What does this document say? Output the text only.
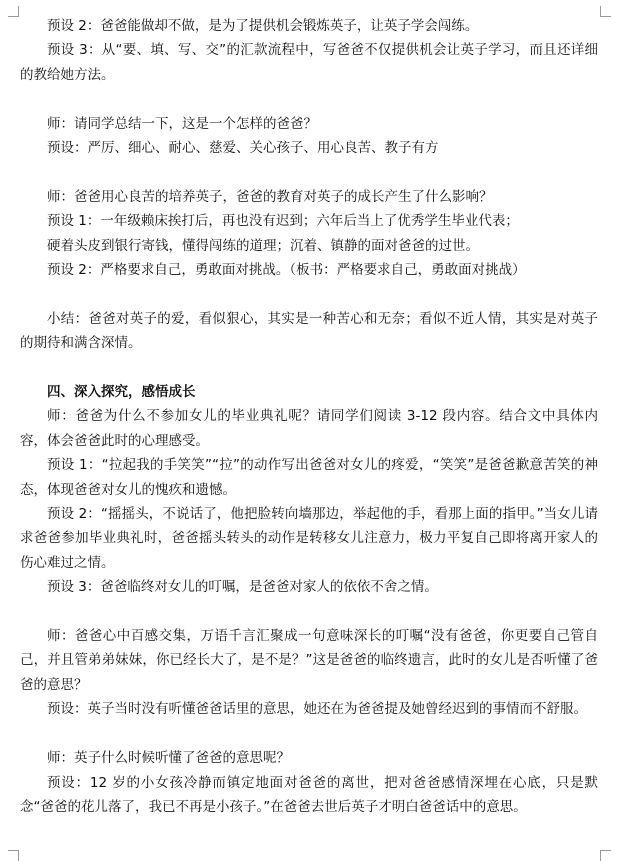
预设 2：爸爸能做却不做，是为了提供机会锻炼英子，让英子学会闯练。

预设 3：从“要、填、写、交”的汇款流程中，写爸爸不仅提供机会让英子学习，而且还详细的教给她方法。

师：请同学总结一下，这是一个怎样的爸爸？

预设：严厉、细心、耐心、慈爱、关心孩子、用心良苦、教子有方

师：爸爸用心良苦的培养英子，爸爸的教育对英子的成长产生了什么影响？

预设 1：一年级赖床挨打后，再也没有迟到；六年后当上了优秀学生毕业代表；

硬着头皮到银行寄钱，懂得闯练的道理；沉着、镇静的面对爸爸的过世。

预设 2：严格要求自己，勇敢面对挑战。（板书：严格要求自己，勇敢面对挑战）

小结：爸爸对英子的爱，看似狠心，其实是一种苦心和无奈；看似不近人情，其实是对英子的期待和满含深情。

四、深入探究，感悟成长

师：爸爸为什么不参加女儿的毕业典礼呢？请同学们阅读 3-12 段内容。结合文中具体内容，体会爸爸此时的心理感受。

预设 1：“拉起我的手笑笑”“拉”的动作写出爸爸对女儿的疼爱，“笑笑”是爸爸歉意苦笑的神态，体现爸爸对女儿的愧疚和遗憾。

预设 2：“摇摇头，不说话了，他把脸转向墙那边，举起他的手，看那上面的指甲。”当女儿请求爸爸参加毕业典礼时，爸爸摇头转头的动作是转移女儿注意力，极力平复自己即将离开家人的伤心难过之情。

预设 3：爸爸临终对女儿的叮嘱，是爸爸对家人的依依不舍之情。

师：爸爸心中百感交集，万语千言汇聚成一句意味深长的叮嘱“没有爸爸，你更要自己管自己，并且管弟弟妹妹，你已经长大了，是不是？”这是爸爸的临终遗言，此时的女儿是否听懂了爸爸的意思？

预设：英子当时没有听懂爸爸话里的意思，她还在为爸爸提及她曾经迟到的事情而不舒服。

师：英子什么时候听懂了爸爸的意思呢？

预设：12 岁的小女孩冷静而镇定地面对爸爸的离世，把对爸爸感情深埋在心底，只是默念“爸爸的花儿落了，我已不再是小孩子。”在爸爸去世后英子才明白爸爸话中的意思。
